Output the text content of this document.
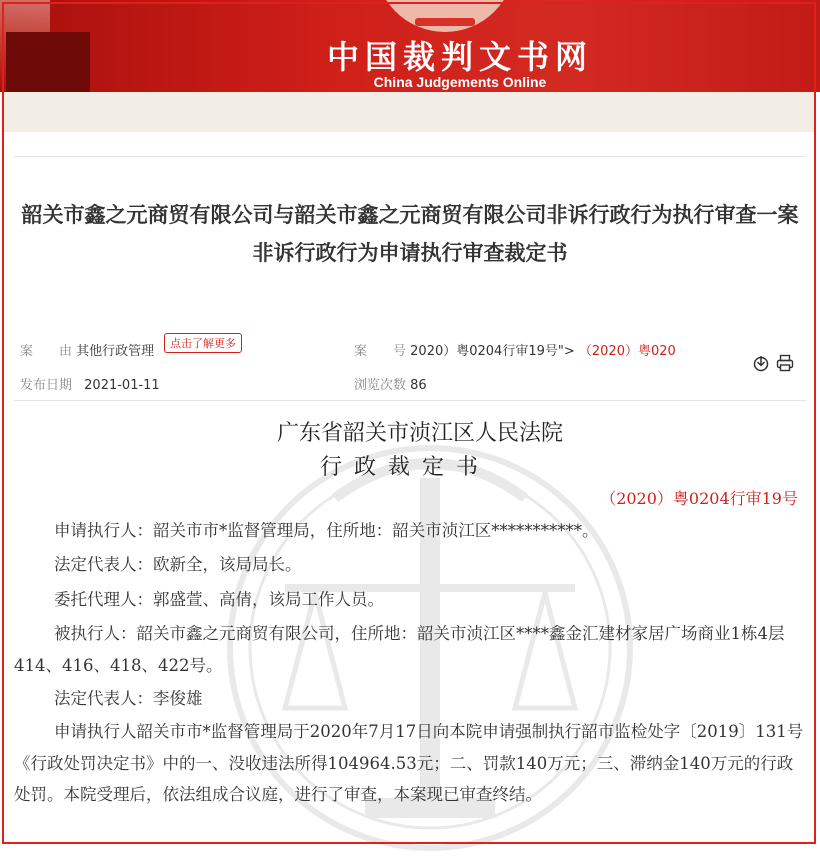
中国裁判文书网
China Judgements Online
韶关市鑫之元商贸有限公司与韶关市鑫之元商贸有限公司非诉行政行为执行审查一案非诉行政行为申请执行审查裁定书
案　　由 其他行政管理
点击了解更多
案　　号 2020）粤0204行审19号"> （2020）粤020
发布日期 2021-01-11	浏览次数 86
广东省韶关市浈江区人民法院
行政裁定书
（2020）粤0204行审19号

申请执行人：韶关市市*监督管理局，住所地：韶关市浈江区***********。

法定代表人：欧新全，该局局长。

委托代理人：郭盛萱、高倩，该局工作人员。

被执行人：韶关市鑫之元商贸有限公司，住所地：韶关市浈江区****鑫金汇建材家居广场商业1栋4层414、416、418、422号。

法定代表人：李俊雄

申请执行人韶关市市*监督管理局于2020年7月17日向本院申请强制执行韶市监检处字〔2019〕131号《行政处罚决定书》中的一、没收违法所得104964.53元；二、罚款140万元；三、滞纳金140万元的行政处罚。本院受理后，依法组成合议庭，进行了审查，本案现已审查终结。
